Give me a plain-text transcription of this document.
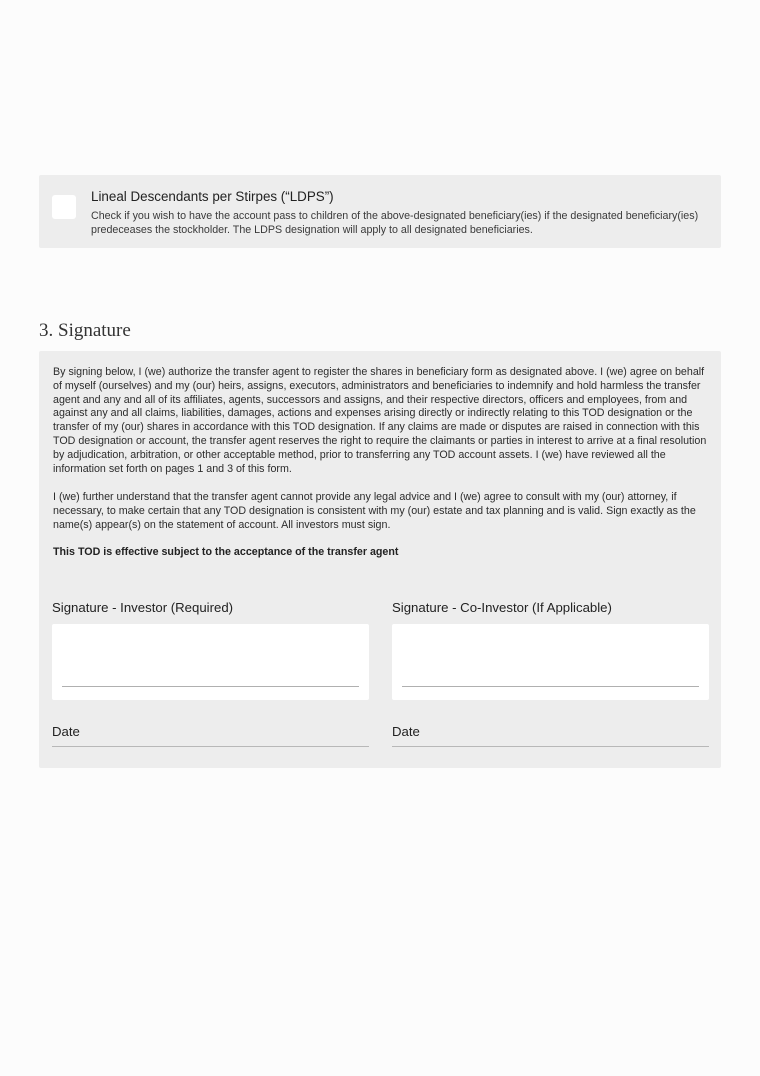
Lineal Descendants per Stirpes (“LDPS”)
Check if you wish to have the account pass to children of the above-designated beneficiary(ies) if the designated beneficiary(ies) predeceases the stockholder. The LDPS designation will apply to all designated beneficiaries.
3. Signature

By signing below, I (we) authorize the transfer agent to register the shares in beneficiary form as designated above. I (we) agree on behalf of myself (ourselves) and my (our) heirs, assigns, executors, administrators and beneficiaries to indemnify and hold harmless the transfer agent and any and all of its affiliates, agents, successors and assigns, and their respective directors, officers and employees, from and against any and all claims, liabilities, damages, actions and expenses arising directly or indirectly relating to this TOD designation or the transfer of my (our) shares in accordance with this TOD designation. If any claims are made or disputes are raised in connection with this TOD designation or account, the transfer agent reserves the right to require the claimants or parties in interest to arrive at a final resolution by adjudication, arbitration, or other acceptable method, prior to transferring any TOD account assets. I (we) have reviewed all the information set forth on pages 1 and 3 of this form.

I (we) further understand that the transfer agent cannot provide any legal advice and I (we) agree to consult with my (our) attorney, if necessary, to make certain that any TOD designation is consistent with my (our) estate and tax planning and is valid. Sign exactly as the name(s) appear(s) on the statement of account. All investors must sign.

This TOD is effective subject to the acceptance of the transfer agent

Signature - Investor (Required)	Signature - Co-Investor (If Applicable)
Date	Date
